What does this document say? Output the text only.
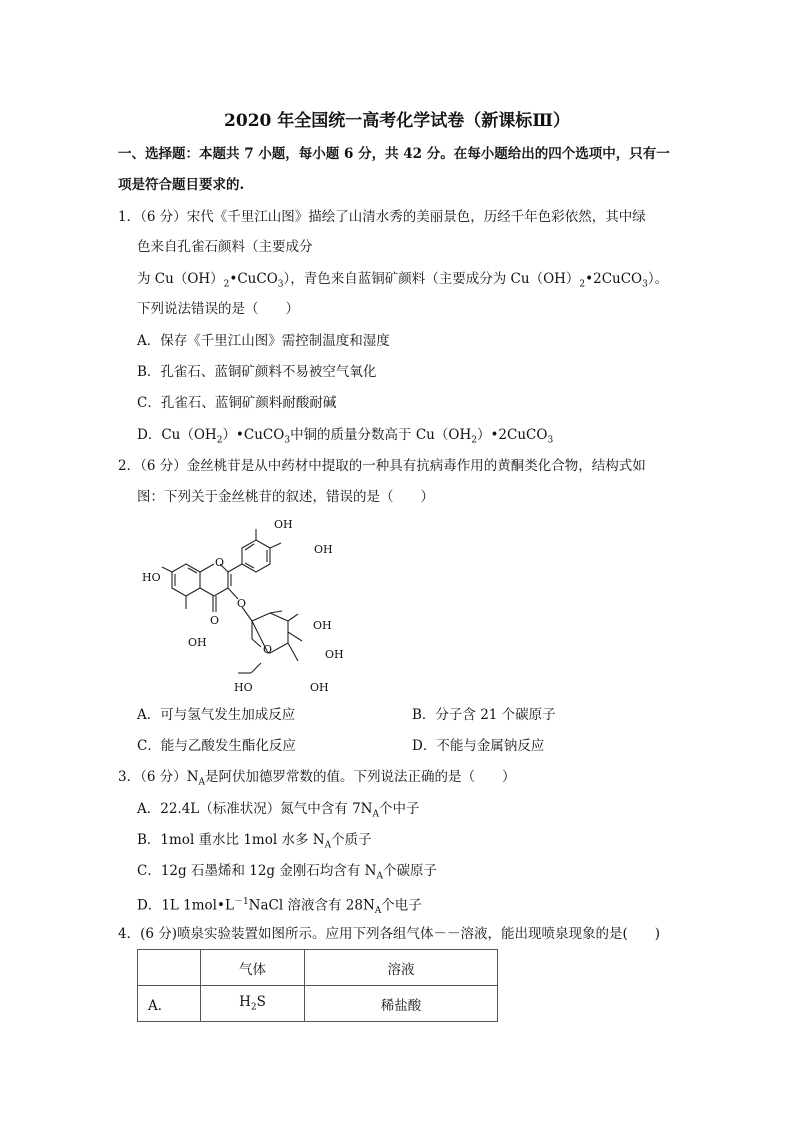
2020 年全国统一高考化学试卷（新课标Ⅲ）
一、选择题：本题共 7 小题，每小题 6 分，共 42 分。在每小题给出的四个选项中，只有一
项是符合题目要求的.
1．（6 分）宋代《千里江山图》描绘了山清水秀的美丽景色，历经千年色彩依然，其中绿
色来自孔雀石颜料（主要成分
为 $Cu(OH)_2•CuCO_3$），青色来自蓝铜矿颜料（主要成分为 $Cu(OH)_2•2CuCO_3$）。
下列说法错误的是（　　）
A．保存《千里江山图》需控制温度和湿度
B．孔雀石、蓝铜矿颜料不易被空气氧化
C．孔雀石、蓝铜矿颜料耐酸耐碱
D．$Cu(OH_2)•CuCO_3$中铜的质量分数高于 $Cu(OH_2)•2CuCO_3$
2．（6 分）金丝桃苷是从中药材中提取的一种具有抗病毒作用的黄酮类化合物，结构式如
图：下列关于金丝桃苷的叙述，错误的是（　　）
OH
OH
HO
O
O
O
OH
O	OH
OH
HO
OH
A．可与氢气发生加成反应	B．分子含 21 个碳原子
C．能与乙酸发生酯化反应	D．不能与金属钠反应
3．（6 分）$N_A$是阿伏加德罗常数的值。下列说法正确的是（　　）
A．22.4L（标准状况）氮气中含有 $7N_A$个中子
B．1mol 重水比 1mol 水多 $N_A$个质子
C．12g 石墨烯和 12g 金刚石均含有 $N_A$个碳原子
D．1L $1mol•L^{-1}NaCl$ 溶液含有 $28N_A$个电子
4．(6 分)喷泉实验装置如图所示。应用下列各组气体－－溶液，能出现喷泉现象的是(　　)
	气体	溶液
A．	$H_2S$	稀盐酸
